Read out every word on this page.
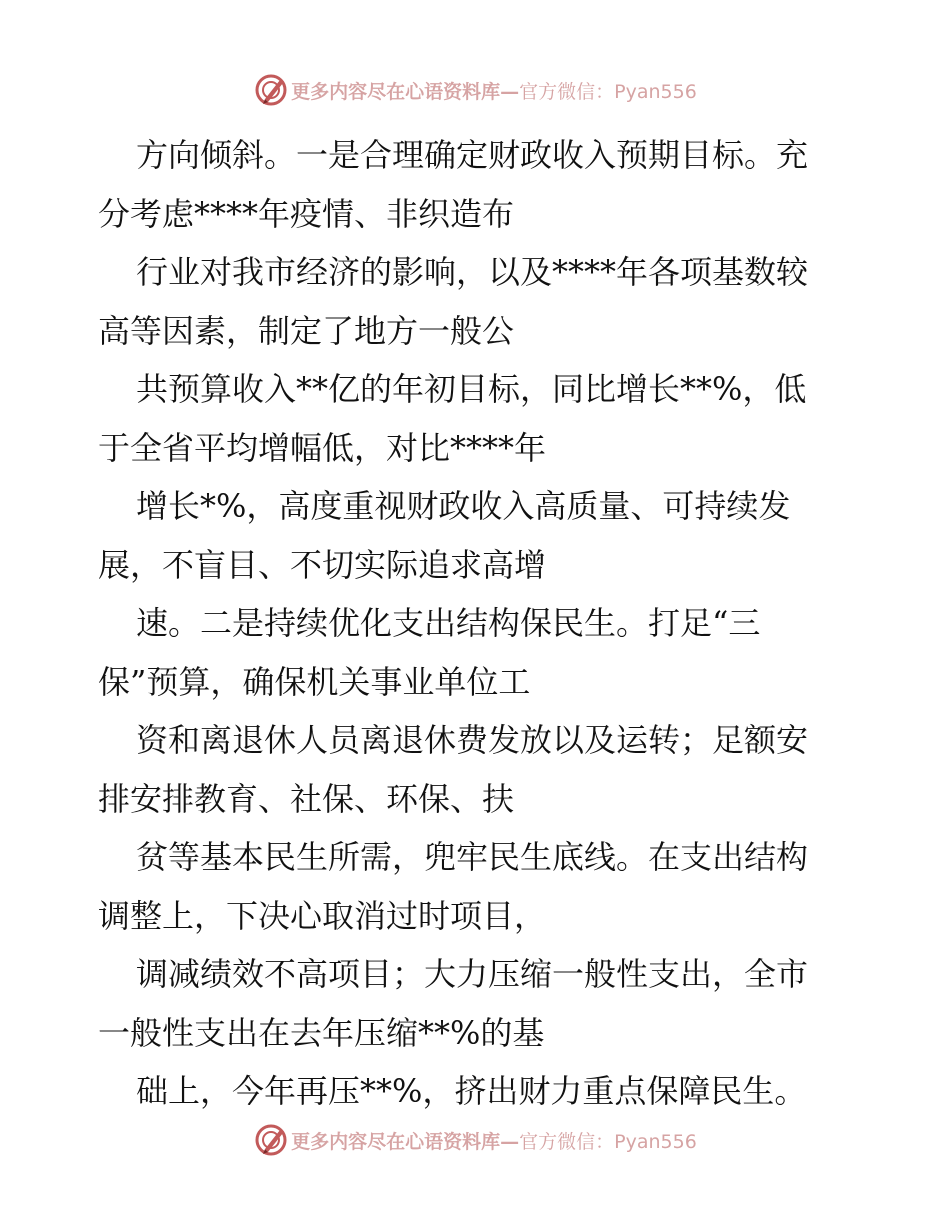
更多内容尽在心语资料库— 官方微信：Pyan556
方向倾斜。一是合理确定财政收入预期目标。充
分考虑****年疫情、非织造布
行业对我市经济的影响，以及****年各项基数较
高等因素，制定了地方一般公
共预算收入**亿的年初目标，同比增长**%，低
于全省平均增幅低，对比****年
增长*%，高度重视财政收入高质量、可持续发
展，不盲目、不切实际追求高增
速。二是持续优化支出结构保民生。打足“三
保”预算，确保机关事业单位工
资和离退休人员离退休费发放以及运转；足额安
排安排教育、社保、环保、扶
贫等基本民生所需，兜牢民生底线。在支出结构
调整上，下决心取消过时项目，
调减绩效不高项目；大力压缩一般性支出，全市
一般性支出在去年压缩**%的基
础上，今年再压**%，挤出财力重点保障民生。
更多内容尽在心语资料库— 官方微信：Pyan556
